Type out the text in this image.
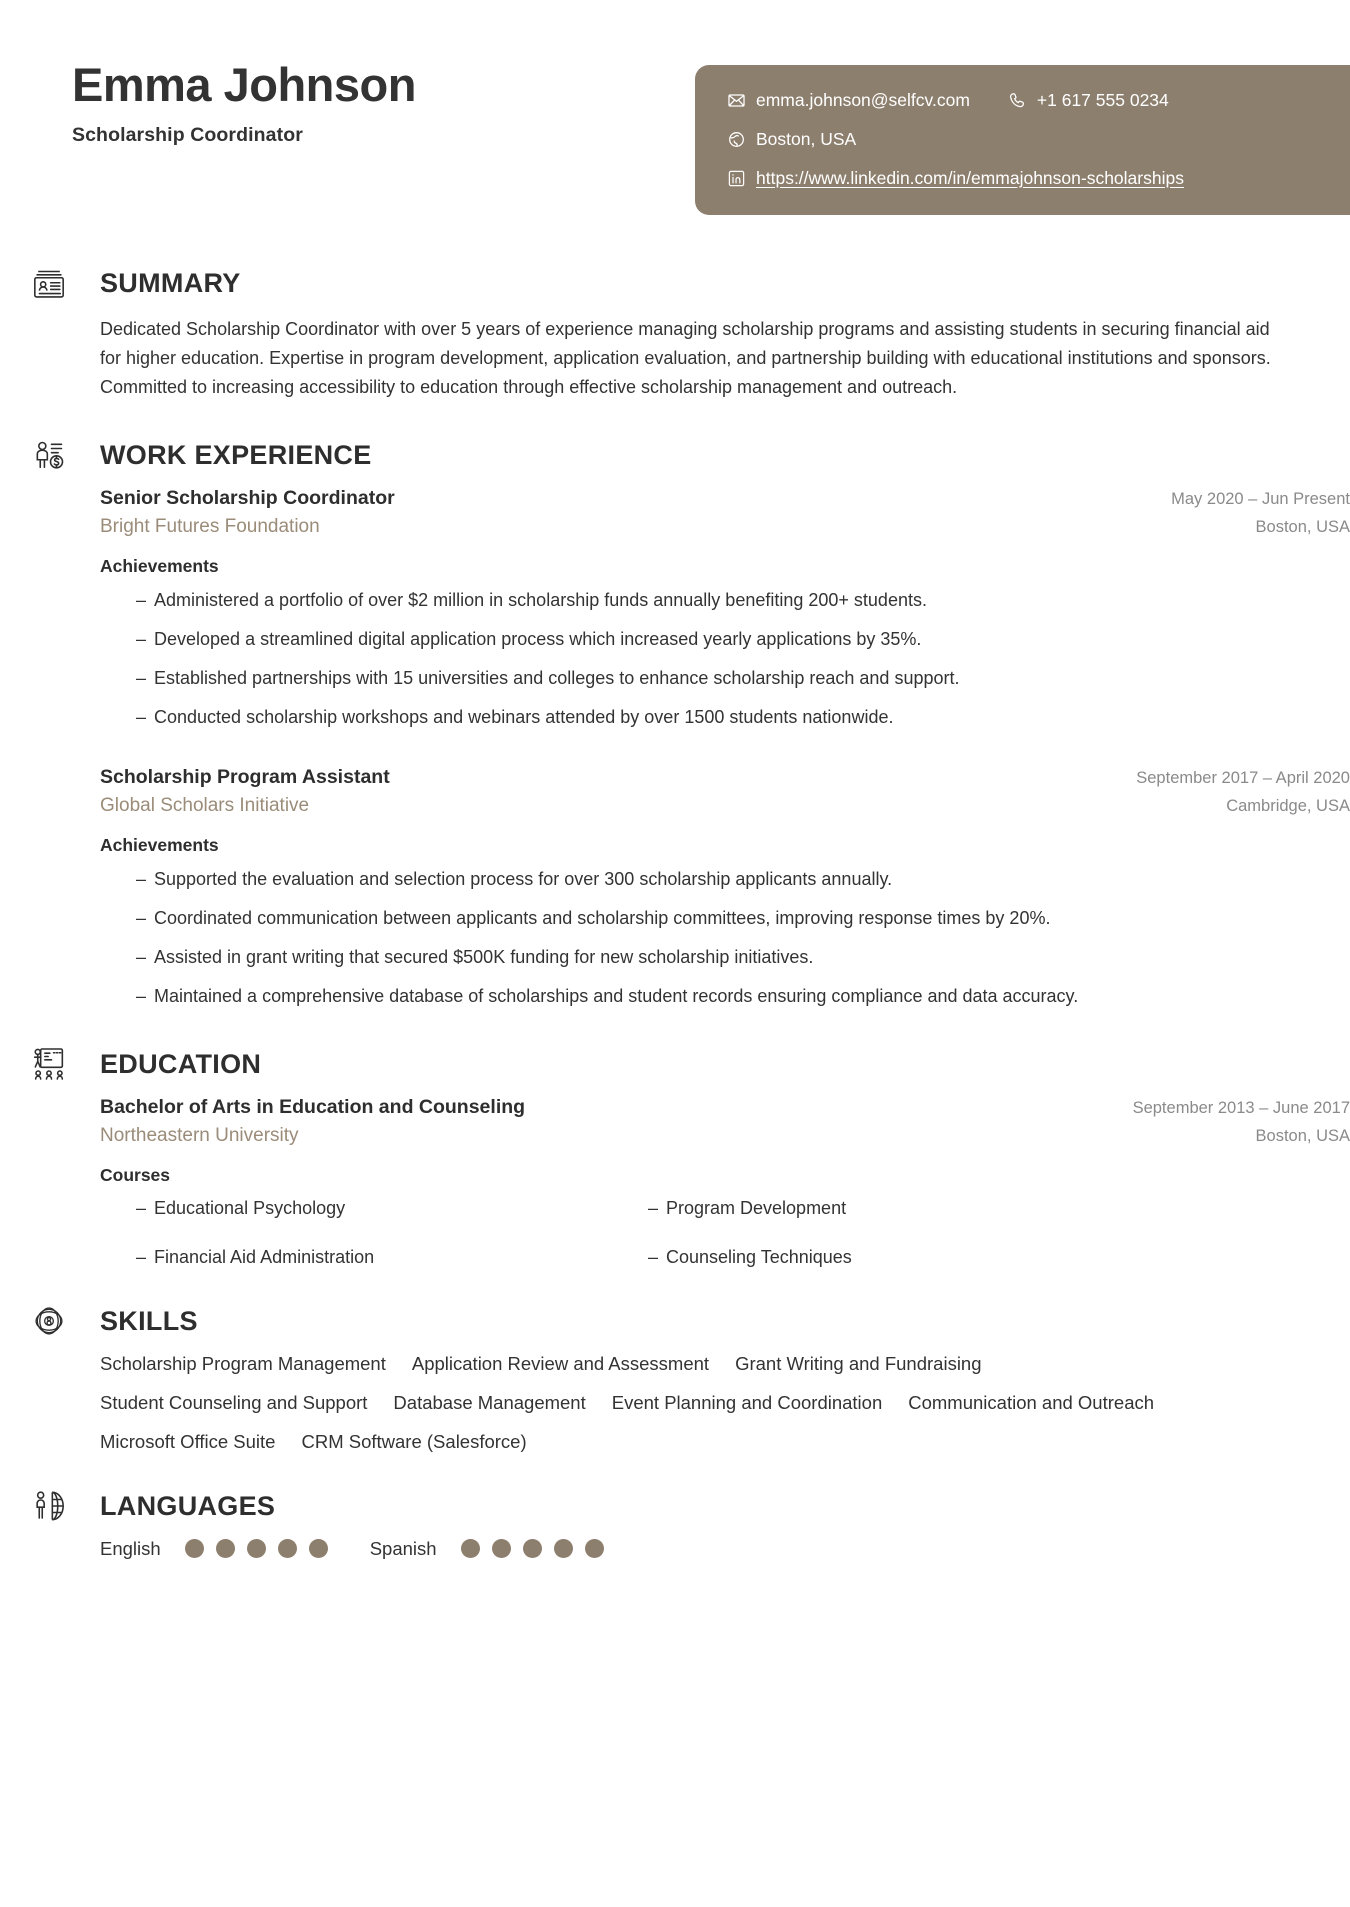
Emma Johnson
Scholarship Coordinator
emma.johnson@selfcv.com	+1 617 555 0234
Boston, USA
https://www.linkedin.com/in/emmajohnson-scholarships
SUMMARY
Dedicated Scholarship Coordinator with over 5 years of experience managing scholarship programs and assisting students in securing financial aid for higher education. Expertise in program development, application evaluation, and partnership building with educational institutions and sponsors. Committed to increasing accessibility to education through effective scholarship management and outreach.
WORK EXPERIENCE
Senior Scholarship Coordinator	May 2020 – Jun Present
Bright Futures Foundation	Boston, USA
Achievements
– Administered a portfolio of over $2 million in scholarship funds annually benefiting 200+ students.
– Developed a streamlined digital application process which increased yearly applications by 35%.
– Established partnerships with 15 universities and colleges to enhance scholarship reach and support.
– Conducted scholarship workshops and webinars attended by over 1500 students nationwide.
Scholarship Program Assistant	September 2017 – April 2020
Global Scholars Initiative	Cambridge, USA
Achievements
– Supported the evaluation and selection process for over 300 scholarship applicants annually.
– Coordinated communication between applicants and scholarship committees, improving response times by 20%.
– Assisted in grant writing that secured $500K funding for new scholarship initiatives.
– Maintained a comprehensive database of scholarships and student records ensuring compliance and data accuracy.
EDUCATION
Bachelor of Arts in Education and Counseling	September 2013 – June 2017
Northeastern University	Boston, USA
Courses
– Educational Psychology	– Program Development
– Financial Aid Administration	– Counseling Techniques
SKILLS
Scholarship Program Management Application Review and Assessment Grant Writing and Fundraising
Student Counseling and Support Database Management Event Planning and Coordination Communication and Outreach
Microsoft Office Suite CRM Software (Salesforce)
LANGUAGES
English	Spanish
